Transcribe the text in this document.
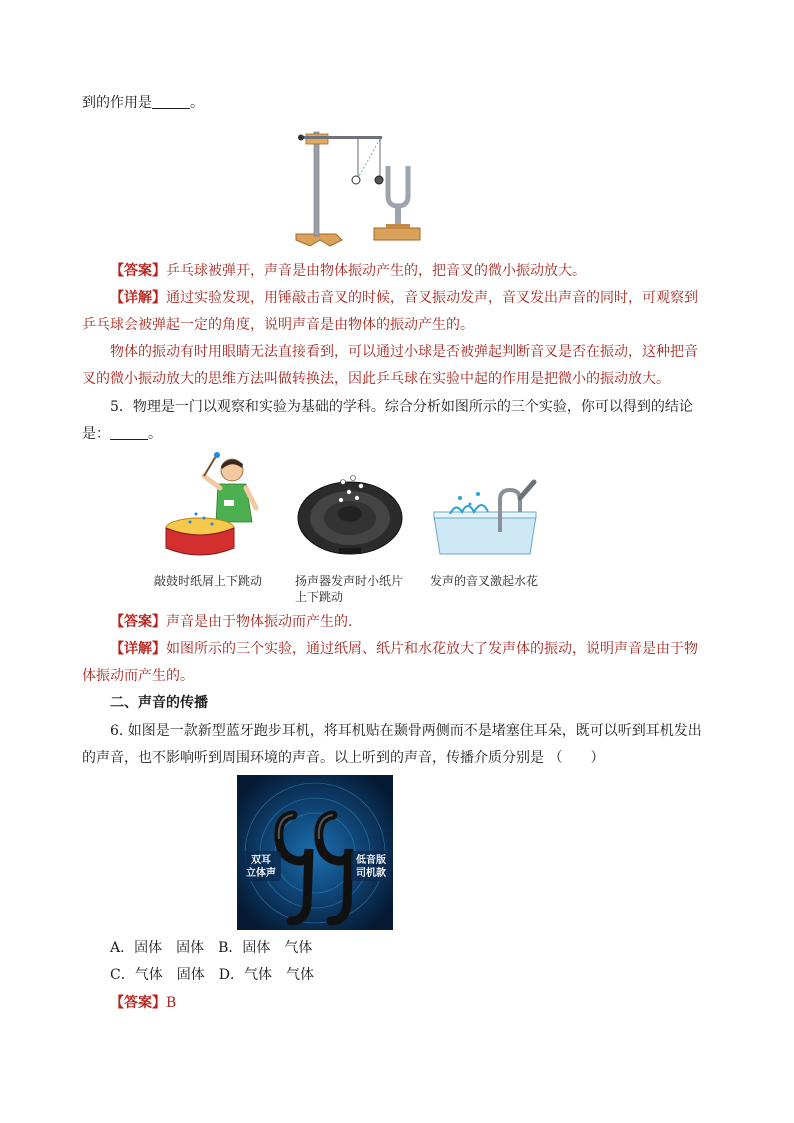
到的作用是	。
【答案】乒乓球被弹开，声音是由物体振动产生的，把音叉的微小振动放大。
【详解】通过实验发现，用锤敲击音叉的时候，音叉振动发声，音叉发出声音的同时，可观察到
乒乓球会被弹起一定的角度，说明声音是由物体的振动产生的。
物体的振动有时用眼睛无法直接看到，可以通过小球是否被弹起判断音叉是否在振动，这种把音
叉的微小振动放大的思维方法叫做转换法，因此乒乓球在实验中起的作用是把微小的振动放大。
5．物理是一门以观察和实验为基础的学科。综合分析如图所示的三个实验，你可以得到的结论
是：	。
敲鼓时纸屑上下跳动	扬声器发声时小纸片
上下跳动
发声的音叉激起水花
【答案】声音是由于物体振动而产生的.
【详解】如图所示的三个实验，通过纸屑、纸片和水花放大了发声体的振动，说明声音是由于物
体振动而产生的。
二、声音的传播
6. 如图是一款新型蓝牙跑步耳机，将耳机贴在颞骨两侧而不是堵塞住耳朵，既可以听到耳机发出
的声音，也不影响听到周围环境的声音。以上听到的声音，传播介质分别是 （　　）
双耳
立体声
低音版
司机款
A．固体　固体 B．固体　气体
C．气体　固体 D．气体　气体
【答案】B
